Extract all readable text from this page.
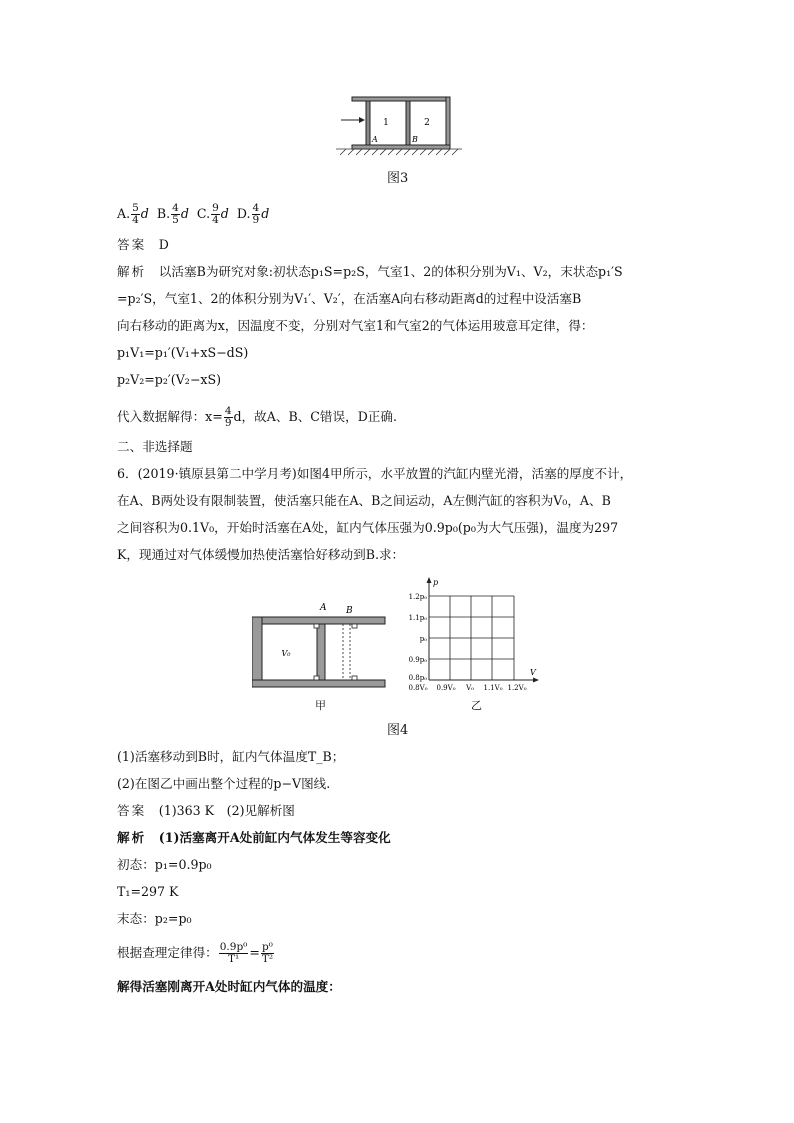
1	2
A	B
图3
A. $\frac{5}{4}$ d B. $\frac{4}{5}$ d C. $\frac{9}{4}$ d D. $\frac{4}{9}$ d
答案　 D
解析　 以活塞B为研究对象:初状态p₁S=p₂S，气室1、2的体积分别为V₁、V₂，末状态p₁′S
=p₂′S，气室1、2的体积分别为V₁′、V₂′，在活塞A向右移动距离d的过程中设活塞B
向右移动的距离为x，因温度不变，分别对气室1和气室2的气体运用玻意耳定律，得：
p₁V₁=p₁′(V₁+xS−dS)
p₂V₂=p₂′(V₂−xS)
代入数据解得：$x= \frac{4}{9}$ d，故A、B、C错误，D正确.
二、非选择题
6．(2019·镇原县第二中学月考)如图4甲所示，水平放置的汽缸内壁光滑，活塞的厚度不计，
在A、B两处设有限制装置，使活塞只能在A、B之间运动，A左侧汽缸的容积为V₀，A、B
之间容积为0.1V₀，开始时活塞在A处，缸内气体压强为0.9p₀(p₀为大气压强)，温度为297
K，现通过对气体缓慢加热使活塞恰好移动到B.求：
A B
V₀
p
V
1.2p₀
1.1p₀
p₀
0.9p₀
0.8p₀
0.8V₀ 0.9V₀ V₀ 1.1V₀ 1.2V₀
甲	乙
图4
(1)活塞移动到B时，缸内气体温度T_B；
(2)在图乙中画出整个过程的p−V图线.
答案　 (1)363 K　(2)见解析图
解析　 (1)活塞离开A处前缸内气体发生等容变化
初态：p₁=0.9p₀
T₁=297 K
末态：p₂=p₀
根据查理定律得： $\frac{\text{0.9p⁰}}{\text{T¹}} = \frac{\text{p⁰}}{\text{T²}}$
解得活塞刚离开A处时缸内气体的温度：
